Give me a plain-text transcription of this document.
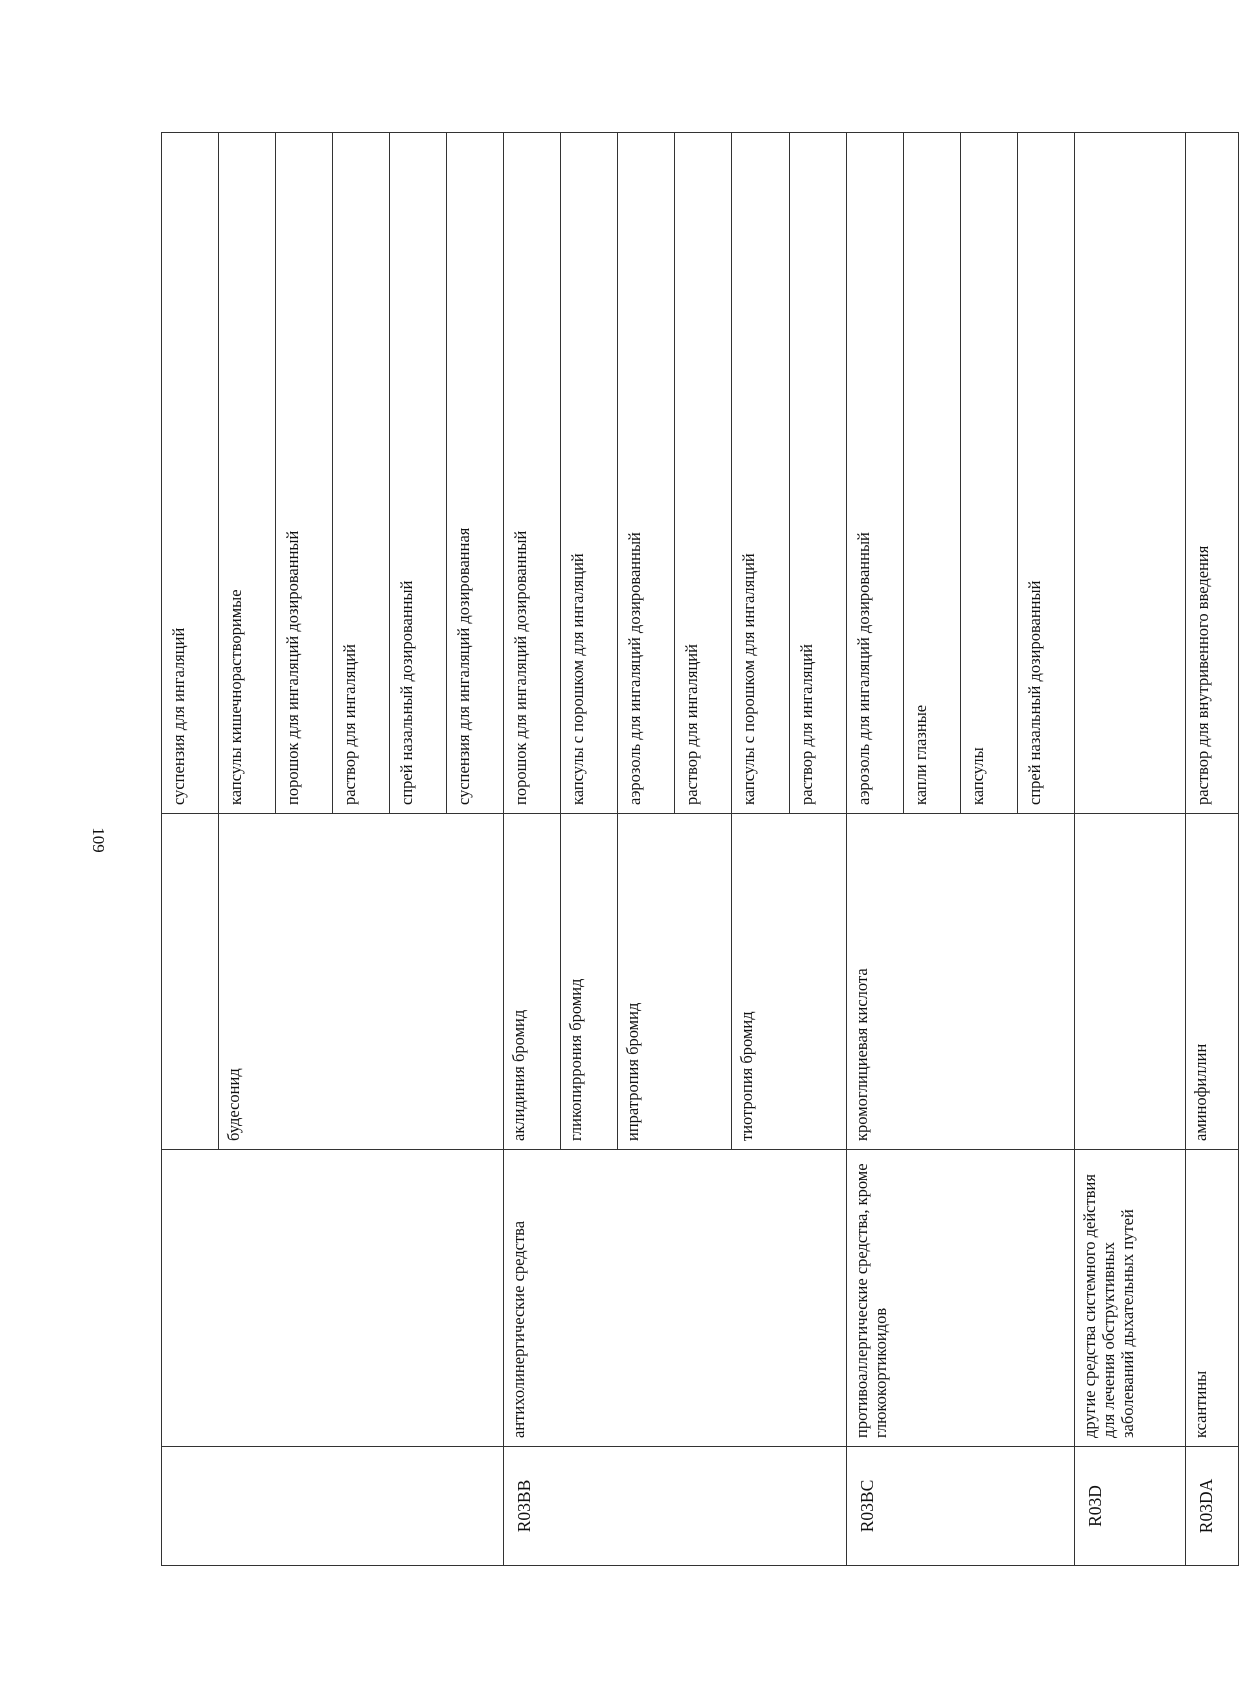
109
			суспензия для ингаляций
		будесонид	капсулы кишечнорастворимые
			порошок для ингаляций дозированный
			раствор для ингаляций
			спрей назальный дозированный
			суспензия для ингаляций дозированная
R03BB	антихолинергические средства	аклидиния бромид	порошок для ингаляций дозированный
		гликопиррония бромид	капсулы с порошком для ингаляций
		ипратропия бромид	аэрозоль для ингаляций дозированный
			раствор для ингаляций
		тиотропия бромид	капсулы с порошком для ингаляций
			раствор для ингаляций
R03BC	противоаллергические средства, кроме глюкокортикоидов	кромоглициевая кислота	аэрозоль для ингаляций дозированный
			капли глазные
			капсулы
			спрей назальный дозированный
R03D	другие средства системного действия для лечения обструктивных заболеваний дыхательных путей		
R03DA	ксантины	аминофиллин	раствор для внутривенного введения
